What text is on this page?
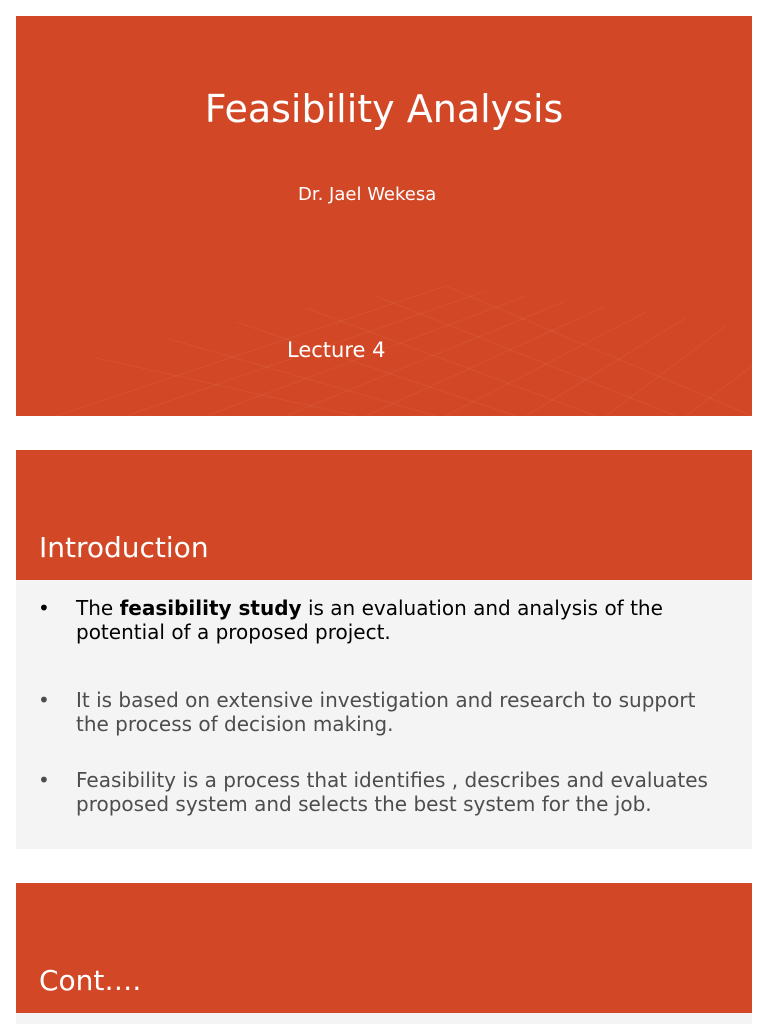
Feasibility Analysis
Dr. Jael Wekesa
Lecture 4
Introduction
• The feasibility study is an evaluation and analysis of the potential of a proposed project.
• It is based on extensive investigation and research to support the process of decision making.
• Feasibility is a process that identifies , describes and evaluates proposed system and selects the best system for the job.
Cont….
